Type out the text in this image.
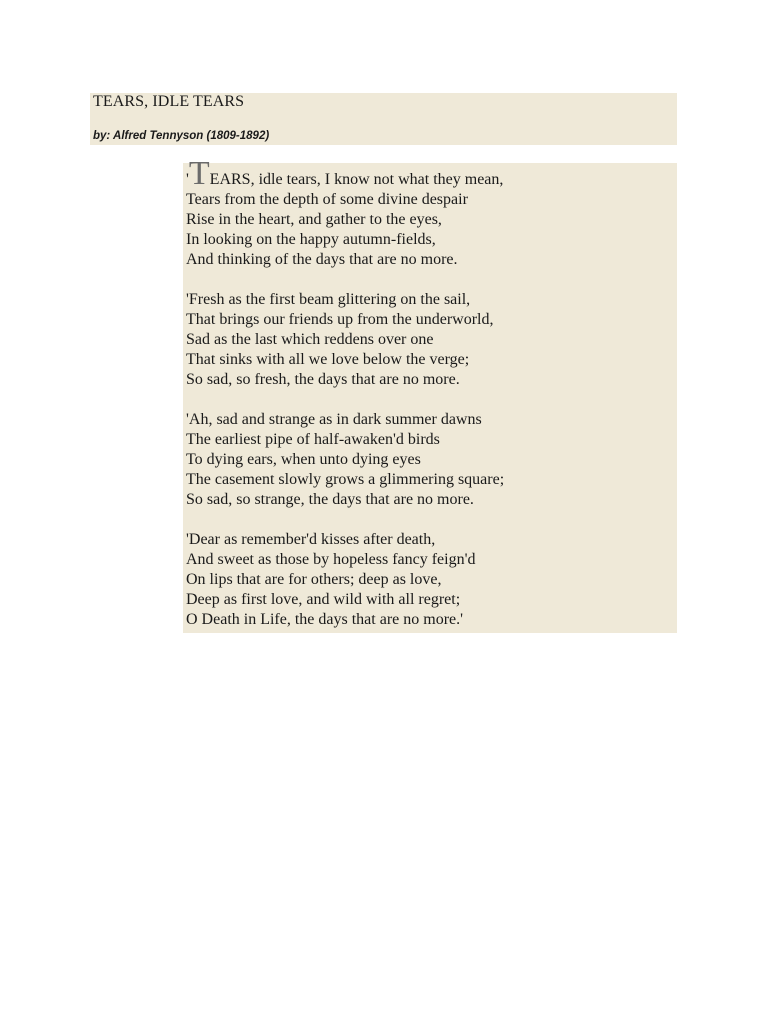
TEARS, IDLE TEARS

by: Alfred Tennyson (1809-1892)

'TEARS, idle tears, I know not what they mean,
Tears from the depth of some divine despair
Rise in the heart, and gather to the eyes,
In looking on the happy autumn-fields,
And thinking of the days that are no more.
'Fresh as the first beam glittering on the sail,
That brings our friends up from the underworld,
Sad as the last which reddens over one
That sinks with all we love below the verge;
So sad, so fresh, the days that are no more.
'Ah, sad and strange as in dark summer dawns
The earliest pipe of half-awaken'd birds
To dying ears, when unto dying eyes
The casement slowly grows a glimmering square;
So sad, so strange, the days that are no more.
'Dear as remember'd kisses after death,
And sweet as those by hopeless fancy feign'd
On lips that are for others; deep as love,
Deep as first love, and wild with all regret;
O Death in Life, the days that are no more.'
